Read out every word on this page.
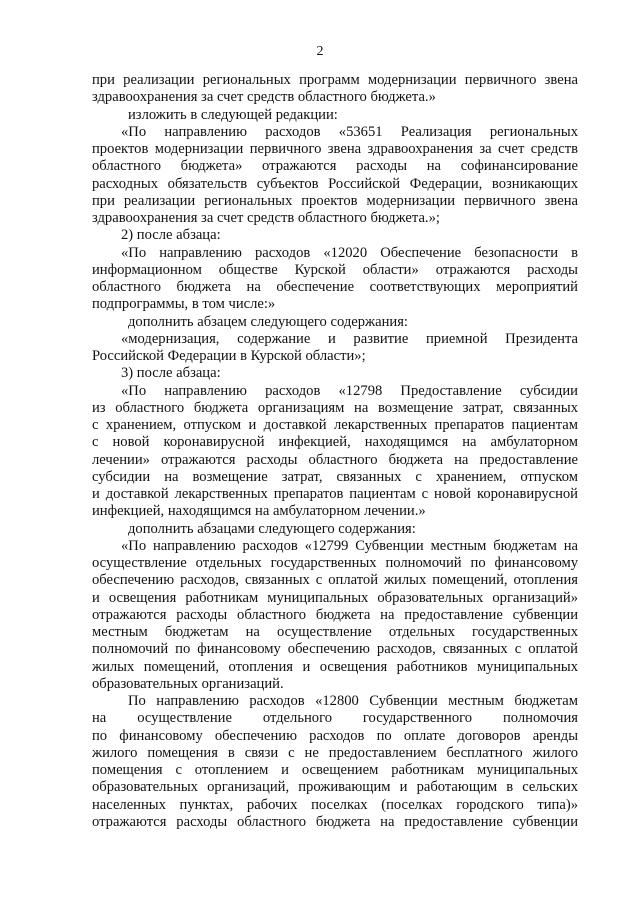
2
при реализации региональных программ модернизации первичного звена
здравоохранения за счет средств областного бюджета.»
изложить в следующей редакции:
«По направлению расходов «53651 Реализация региональных
проектов модернизации первичного звена здравоохранения за счет средств
областного бюджета» отражаются расходы на софинансирование
расходных обязательств субъектов Российской Федерации, возникающих
при реализации региональных проектов модернизации первичного звена
здравоохранения за счет средств областного бюджета.»;
2) после абзаца:
«По направлению расходов «12020 Обеспечение безопасности в
информационном обществе Курской области» отражаются расходы
областного бюджета на обеспечение соответствующих мероприятий
подпрограммы, в том числе:»
дополнить абзацем следующего содержания:
«модернизация, содержание и развитие приемной Президента
Российской Федерации в Курской области»;
3) после абзаца:
«По направлению расходов «12798 Предоставление субсидии
из областного бюджета организациям на возмещение затрат, связанных
с хранением, отпуском и доставкой лекарственных препаратов пациентам
с новой коронавирусной инфекцией, находящимся на амбулаторном
лечении» отражаются расходы областного бюджета на предоставление
субсидии на возмещение затрат, связанных с хранением, отпуском
и доставкой лекарственных препаратов пациентам с новой коронавирусной
инфекцией, находящимся на амбулаторном лечении.»
дополнить абзацами следующего содержания:
«По направлению расходов «12799 Субвенции местным бюджетам на
осуществление отдельных государственных полномочий по финансовому
обеспечению расходов, связанных с оплатой жилых помещений, отопления
и освещения работникам муниципальных образовательных организаций»
отражаются расходы областного бюджета на предоставление субвенции
местным бюджетам на осуществление отдельных государственных
полномочий по финансовому обеспечению расходов, связанных с оплатой
жилых помещений, отопления и освещения работников муниципальных
образовательных организаций.
По направлению расходов «12800 Субвенции местным бюджетам
на осуществление отдельного государственного полномочия
по финансовому обеспечению расходов по оплате договоров аренды
жилого помещения в связи с не предоставлением бесплатного жилого
помещения с отоплением и освещением работникам муниципальных
образовательных организаций, проживающим и работающим в сельских
населенных пунктах, рабочих поселках (поселках городского типа)»
отражаются расходы областного бюджета на предоставление субвенции
